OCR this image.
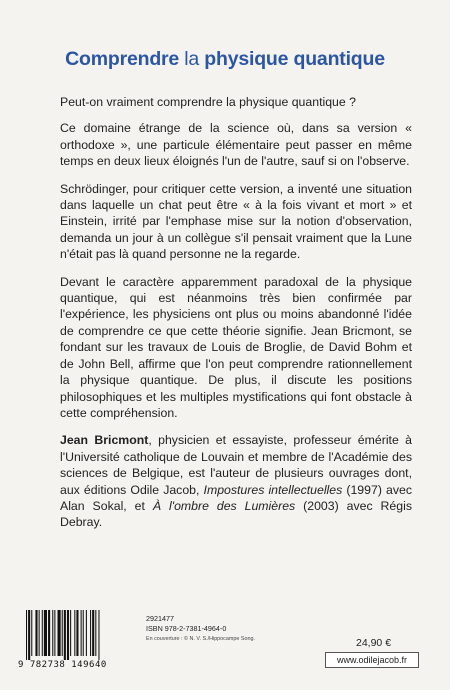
Comprendre la physique quantique

Peut-on vraiment comprendre la physique quantique ?

Ce domaine étrange de la science où, dans sa version « orthodoxe », une particule élémentaire peut passer en même temps en deux lieux éloignés l'un de l'autre, sauf si on l'observe.

Schrödinger, pour critiquer cette version, a inventé une situation dans laquelle un chat peut être « à la fois vivant et mort » et Einstein, irrité par l'emphase mise sur la notion d'observation, demanda un jour à un collègue s'il pensait vraiment que la Lune n'était pas là quand personne ne la regarde.

Devant le caractère apparemment paradoxal de la physique quantique, qui est néanmoins très bien confirmée par l'expérience, les physiciens ont plus ou moins abandonné l'idée de comprendre ce que cette théorie signifie. Jean Bricmont, se fondant sur les travaux de Louis de Broglie, de David Bohm et de John Bell, affirme que l'on peut comprendre rationnellement la physique quantique. De plus, il discute les positions philosophiques et les multiples mystifications qui font obstacle à cette compréhension.

Jean Bricmont, physicien et essayiste, professeur émérite à l'Université catholique de Louvain et membre de l'Académie des sciences de Belgique, est l'auteur de plusieurs ouvrages dont, aux éditions Odile Jacob, Impostures intellectuelles (1997) avec Alan Sokal, et À l'ombre des Lumières (2003) avec Régis Debray.

9 782738 149640
2921477
ISBN 978-2-7381-4964-0
En couverture : © N. V. S./Hippocampe Song.	24,90 €
www.odilejacob.fr
